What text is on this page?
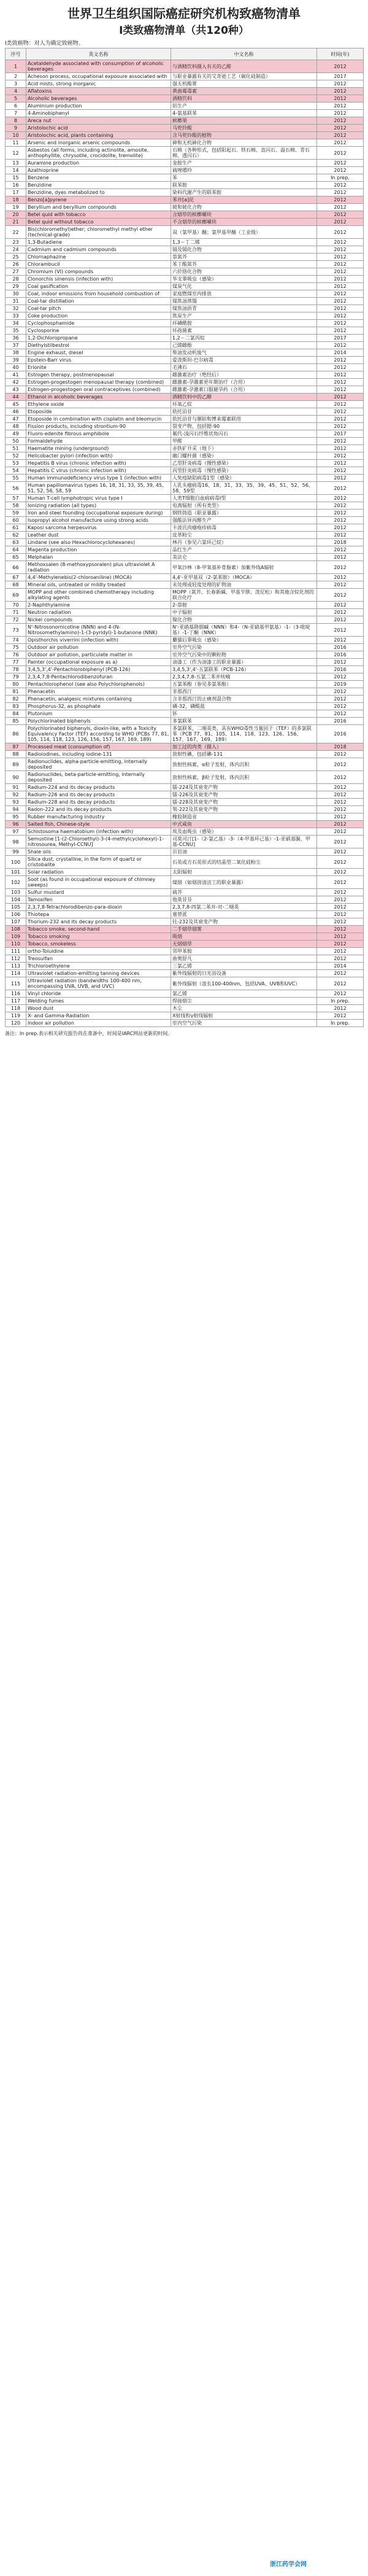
世界卫生组织国际癌症研究机构致癌物清单
I类致癌物清单（共120种）
I类致癌物：对人为确定致癌物。
序号	英文名称	中文名称	时间(年)
1	Acetaldehyde associated with consumption of alcoholic beverages	与酒精饮料摄入有关的乙醛	2012
2	Acheson process, occupational exposure associated with	与职业暴露有关的艾奇逊工艺（碳化硅制造）	2017
3	Acid mists, strong inorganic	强无机酸雾	2012
4	Aflatoxins	黄曲霉毒素	2012
5	Alcoholic beverages	酒精饮料	2012
6	Aluminium production	铝生产	2012
7	4-Aminobiphenyl	4-氨基联苯	2012
8	Areca nut	槟榔果	2012
9	Aristolochic acid	马兜铃酸	2012
10	Aristolochic acid, plants containing	含马兜铃酸的植物	2012
11	Arsenic and inorganic arsenic compounds	砷和无机砷化合物	2012
12	Asbestos (all forms, including actinolite, amosite, anthophyllite, chrysotile, crocidolite, tremolite)	石棉（各种形式，包括阳起石、铁石棉、直闪石、温石棉、青石棉、透闪石）	2012
13	Auramine production	金胺生产	2012
14	Azathioprine	硫唑嘌呤	2012
15	Benzene	苯	In prep.
16	Benzidine	联苯胺	2012
17	Benzidine, dyes metabolized to	染料代谢产生的联苯胺	2012
18	Benzo[a]pyrene	苯并[a]芘	2012
19	Beryllium and beryllium compounds	铍和铍化合物	2012
20	Betel quid with tobacco	含烟草的槟榔嚼块	2012
21	Betel quid without tobacco	不含烟草的槟榔嚼块	2012
22	Bis(chloromethyl)ether; chloromethyl methyl ether (technical-grade)	双（氯甲基）醚；氯甲基甲醚（工业级）	2012
23	1,3-Butadiene	1,3－丁二烯	2012
24	Cadmium and cadmium compounds	镉及镉化合物	2012
25	Chlornaphazine	萘氮芥	2012
26	Chlorambucil	苯丁酸氮芥	2012
27	Chromium (VI) compounds	六价铬化合物	2012
28	Clonorchis sinensis (infection with)	华支睾吸虫（感染）	2012
29	Coal gasification	煤炭气化	2012
30	Coal, indoor emissions from household combustion of	家庭燃煤室内排放	2012
31	Coal-tar distillation	煤焦油蒸馏	2012
32	Coal-tar pitch	煤焦油沥青	2012
33	Coke production	焦炭生产	2012
34	Cyclophosphamide	环磷酰胺	2012
35	Cyclosporine	环孢菌素	2012
36	1,2-Dichloropropane	1,2－二氯丙烷	2017
37	Diethylstilbestrol	己烯雌酚	2012
38	Engine exhaust, diesel	柴油发动机废气	2014
39	Epstein-Barr virus	爱泼斯坦-巴尔病毒	2012
40	Erionite	毛沸石	2012
41	Estrogen therapy, postmenopausal	雌激素治疗（绝经后）	2012
42	Estrogen-progestogen menopausal therapy (combined)	雌激素-孕激素更年期治疗（合用）	2012
43	Estrogen-progestogen oral contraceptives (combined)	雌激素-孕激素口服避孕药（合用）	2012
44	Ethanol in alcoholic beverages	酒精饮料中的乙醇	2012
45	Ethylene oxide	环氧乙烷	2012
46	Etoposide	依托泊苷	2012
47	Etoposide in combination with cisplatin and bleomycin	依托泊苷与顺铂和博来霉素联用	2012
48	Fission products, including strontium-90	裂变产物，包括锶-90	2012
49	Fluoro-edenite fibrous amphibole	氟代-浅闪石纤维状角闪石	2017
50	Formaldehyde	甲醛	2012
51	Haematite mining (underground)	赤铁矿开采（地下）	2012
52	Helicobacter pylori (infection with)	幽门螺杆菌（感染）	2012
53	Hepatitis B virus (chronic infection with)	乙型肝炎病毒（慢性感染）	2012
54	Hepatitis C virus (chronic infection with)	丙型肝炎病毒（慢性感染）	2012
55	Human immunodeficiency virus type 1 (infection with)	人免疫缺陷病毒1型（感染）	2012
56	Human papillomavirus types 16, 18, 31, 33, 35, 39, 45, 51, 52, 56, 58, 59	人乳头瘤病毒16、18、31、33、35、39、45、51、52、56、58、59型	2012
57	Human T-cell lymphotropic virus type I	人类T细胞白血病病毒I型	2012
58	Ionizing radiation (all types)	电离辐射（所有类型）	2012
59	Iron and steel founding (occupational exposure during)	钢铁铸造（职业暴露）	2012
60	Isopropyl alcohol manufacture using strong acids	强酸法异丙醇生产	2012
61	Kaposi sarcoma herpesvirus	卡波氏肉瘤疱疹病毒	2012
62	Leather dust	皮革粉尘	2012
63	Lindane (see also Hexachlorocyclohexanes)	林丹（参见六氯环己烷）	2018
64	Magenta production	品红生产	2012
65	Melphalan	美法仑	2012
66	Methoxsalen (8-methoxypsoralen) plus ultraviolet A radiation	甲氧沙林（8-甲氧基补骨脂素）加紫外线A辐射	2012
67	4,4'-Methylenebis(2-chloroaniline) (MOCA)	4,4'-亚甲基双（2-氯苯胺）（MOCA）	2012
68	Mineral oils, untreated or mildly treated	未处理或轻度处理的矿物油	2012
69	MOPP and other combined chemotherapy including alkylating agents	MOPP（氮芥、长春新碱、甲基苄肼、泼尼松）和其他含烷化剂的联合化疗	2012
70	2-Naphthylamine	2-萘胺	2012
71	Neutron radiation	中子辐射	2012
72	Nickel compounds	镍化合物	2012
73	N'-Nitrosonornicotine (NNN) and 4-(N-Nitrosomethylamino)-1-(3-pyridyl)-1-butanone (NNK)	N'-亚硝基降烟碱（NNN）和4-（N-亚硝基甲氨基）-1-（3-吡啶基）-1-丁酮（NNK）	2012
74	Opisthorchis viverrini (infection with)	麝猫后睾吸虫（感染）	2012
75	Outdoor air pollution	室外空气污染	2016
76	Outdoor air pollution, particulate matter in	室外空气污染中的颗粒物	2016
77	Painter (occupational exposure as a)	油漆工（作为油漆工的职业暴露）	2012
78	3,4,5,3',4'-Pentachlorobiphenyl (PCB-126)	3,4,5,3',4'-五氯联苯（PCB-126）	2016
79	2,3,4,7,8-Pentachlorodibenzofuran	2,3,4,7,8-五氯二苯并呋喃	2012
80	Pentachlorophenol (see also Polychlorophenols)	五氯苯酚（参见多氯苯酚）	2019
81	Phenacetin	非那西汀	2012
82	Phenacetin, analgesic mixtures containing	含非那西汀的止痛剂混合物	2012
83	Phosphorus-32, as phosphate	磷-32，磷酸盐	2012
84	Plutonium	钚	2012
85	Polychlorinated biphenyls	多氯联苯	2016
86	Polychlorinated biphenyls, dioxin-like, with a Toxicity Equivalency Factor (TEF) according to WHO (PCBs 77, 81, 105, 114, 118, 123, 126, 156, 157, 167, 169, 189)	多氯联苯，二噁英类，具有WHO毒性当量因子（TEF）的多氯联苯（PCB 77、81、105、114、118、123、126、156、157、167、169、189）	2016
87	Processed meat (consumption of)	加工过的肉类（摄入）	2018
88	Radioiodines, including iodine-131	放射性碘，包括碘-131	2012
89	Radionuclides, alpha-particle-emitting, internally deposited	放射性核素，α粒子发射，体内沉积	2012
90	Radionuclides, beta-particle-emitting, internally deposited	放射性核素，β粒子发射，体内沉积	2012
91	Radium-224 and its decay products	镭-224及其衰变产物	2012
92	Radium-226 and its decay products	镭-226及其衰变产物	2012
93	Radium-228 and its decay products	镭-228及其衰变产物	2012
94	Radon-222 and its decay products	氡-222及其衰变产物	2012
95	Rubber manufacturing industry	橡胶制造业	2012
96	Salted fish, Chinese-style	中式咸鱼	2012
97	Schistosoma haematobium (infection with)	埃及血吸虫（感染）	2012
98	Semustine [1-(2-Chloroethyl)-3-(4-methylcyclohexyl)-1-nitrosourea, Methyl-CCNU]	司莫司汀[1-（2-氯乙基）-3-（4-甲基环己基）-1-亚硝基脲，甲基-CCNU]	2012
99	Shale oils	页岩油	2012
100	Silica dust, crystalline, in the form of quartz or cristobalite	石英或方石英形式的结晶型二氧化硅粉尘	2012
101	Solar radiation	太阳辐射	2012
102	Soot (as found in occupational exposure of chimney sweeps)	煤烟（如烟囱清洁工的职业暴露）	2012
103	Sulfur mustard	硫芥	2012
104	Tamoxifen	他莫昔芬	2012
105	2,3,7,8-Tetrachlorodibenzo-para-dioxin	2,3,7,8-四氯二苯并-对-二噁英	2012
106	Thiotepa	塞替派	2012
107	Thorium-232 and its decay products	钍-232及其衰变产物	2012
108	Tobacco smoke, second-hand	二手烟草烟雾	2012
109	Tobacco smoking	吸烟	2012
110	Tobacco, smokeless	无烟烟草	2012
111	ortho-Toluidine	邻甲苯胺	2012
112	Treosulfan	曲奥舒凡	2012
113	Trichloroethylene	三氯乙烯	2014
114	Ultraviolet radiation-emitting tanning devices	紫外线辐射的日光浴设备	2012
115	Ultraviolet radiation (bandwidths 100-400 nm, encompassing UVA, UVB, and UVC)	紫外线辐射（波长100-400nm，包括UVA、UVB和UVC）	2012
116	Vinyl chloride	氯乙烯	2012
117	Welding fumes	焊接烟尘	In prep.
118	Wood dust	木尘	2012
119	X- and Gamma-Radiation	X射线和γ射线辐射	2012
120	Indoor air pollution	室内空气污染	In prep.
备注：In prep.表示相关研究报告尚在准备中，时间是IARC网站更新的时间。
浙江药学会网
